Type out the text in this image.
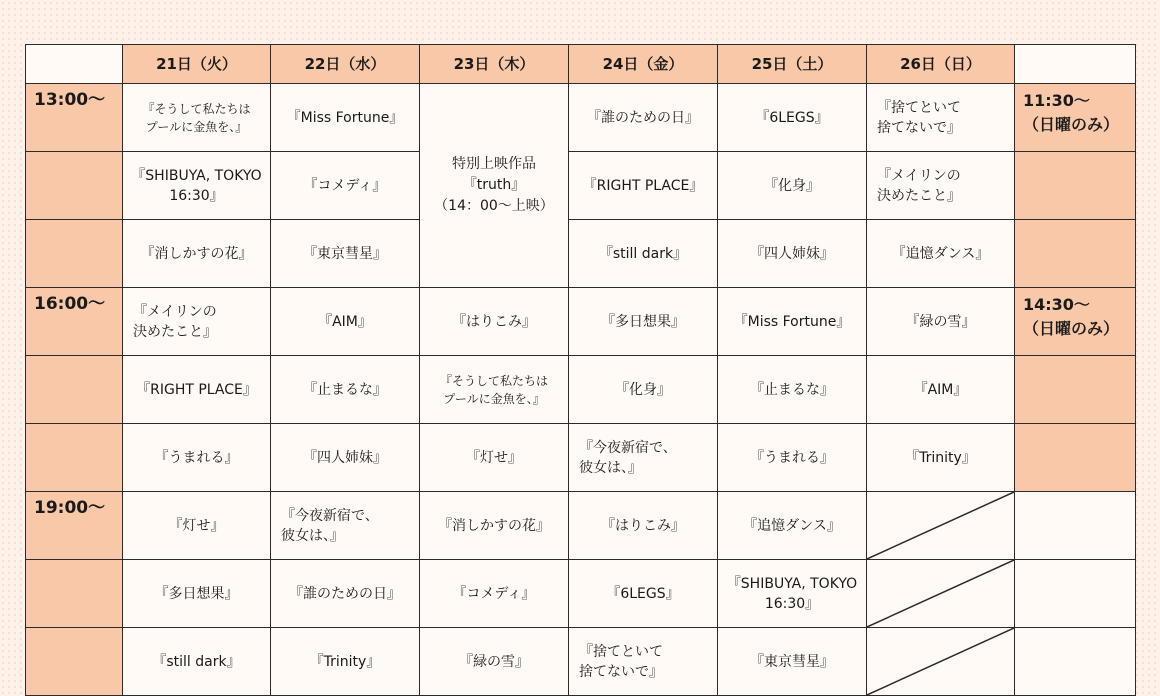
	21日（火）	22日（水）	23日（木）	24日（金）	25日（土）	26日（日）	
13:00〜	『そうして私たちは
プールに金魚を、』	『Miss Fortune』	特別上映作品
『truth』
（14：00〜上映）	『誰のための日』	『6LEGS』	『捨てといて
捨てないで』	11:30〜
（日曜のみ）
	『SHIBUYA, TOKYO
16:30』	『コメディ』		『RIGHT PLACE』	『化身』	『メイリンの
決めたこと』	
	『消しかすの花』	『東京彗星』		『still dark』	『四人姉妹』	『追憶ダンス』	
16:00〜	『メイリンの
決めたこと』	『AIM』	『はりこみ』	『多日想果』	『Miss Fortune』	『緑の雪』	14:30〜
（日曜のみ）
	『RIGHT PLACE』	『止まるな』	『そうして私たちは
プールに金魚を、』	『化身』	『止まるな』	『AIM』	
	『うまれる』	『四人姉妹』	『灯せ』	『今夜新宿で、
彼女は、』	『うまれる』	『Trinity』	
19:00〜	『灯せ』	『今夜新宿で、
彼女は、』	『消しかすの花』	『はりこみ』	『追憶ダンス』	

	『多日想果』	『誰のための日』	『コメディ』	『6LEGS』	『SHIBUYA, TOKYO
16:30』	

	『still dark』	『Trinity』	『緑の雪』	『捨てといて
捨てないで』	『東京彗星』	
